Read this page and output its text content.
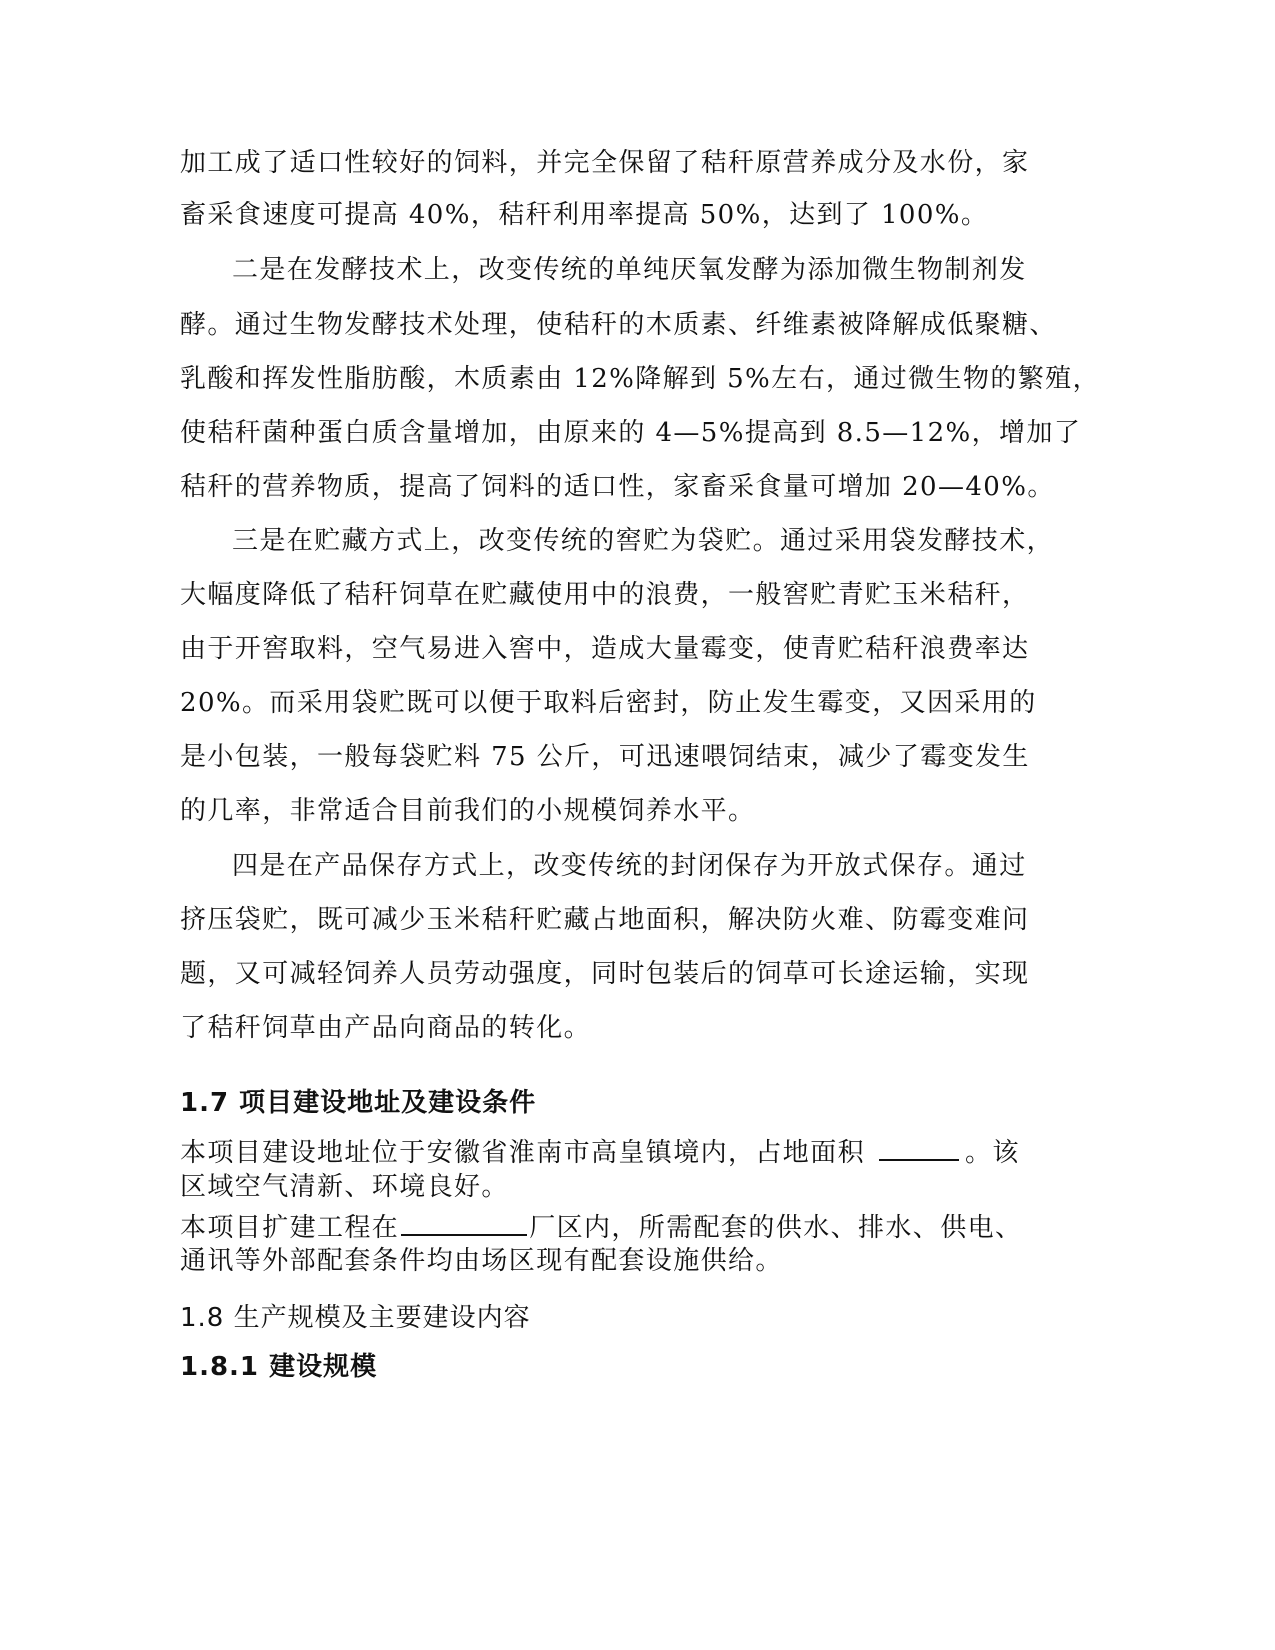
加工成了适口性较好的饲料，并完全保留了秸秆原营养成分及水份，家
畜采食速度可提高 40%，秸秆利用率提高 50%，达到了 100%。
二是在发酵技术上，改变传统的单纯厌氧发酵为添加微生物制剂发
酵。通过生物发酵技术处理，使秸秆的木质素、纤维素被降解成低聚糖、
乳酸和挥发性脂肪酸，木质素由 12%降解到 5%左右，通过微生物的繁殖，
使秸秆菌种蛋白质含量增加，由原来的 4—5%提高到 8.5—12%，增加了
秸秆的营养物质，提高了饲料的适口性，家畜采食量可增加 20—40%。
三是在贮藏方式上，改变传统的窖贮为袋贮。通过采用袋发酵技术，
大幅度降低了秸秆饲草在贮藏使用中的浪费，一般窖贮青贮玉米秸秆，
由于开窖取料，空气易进入窖中，造成大量霉变，使青贮秸秆浪费率达
20%。而采用袋贮既可以便于取料后密封，防止发生霉变，又因采用的
是小包装，一般每袋贮料 75 公斤，可迅速喂饲结束，减少了霉变发生
的几率，非常适合目前我们的小规模饲养水平。
四是在产品保存方式上，改变传统的封闭保存为开放式保存。通过
挤压袋贮，既可减少玉米秸秆贮藏占地面积，解决防火难、防霉变难问
题，又可减轻饲养人员劳动强度，同时包装后的饲草可长途运输，实现
了秸秆饲草由产品向商品的转化。
1.7 项目建设地址及建设条件
本项目建设地址位于安徽省淮南市高皇镇境内，占地面积	。该
区域空气清新、环境良好。
本项目扩建工程在	厂区内，所需配套的供水、排水、供电、
通讯等外部配套条件均由场区现有配套设施供给。
1.8 生产规模及主要建设内容
1.8.1 建设规模
